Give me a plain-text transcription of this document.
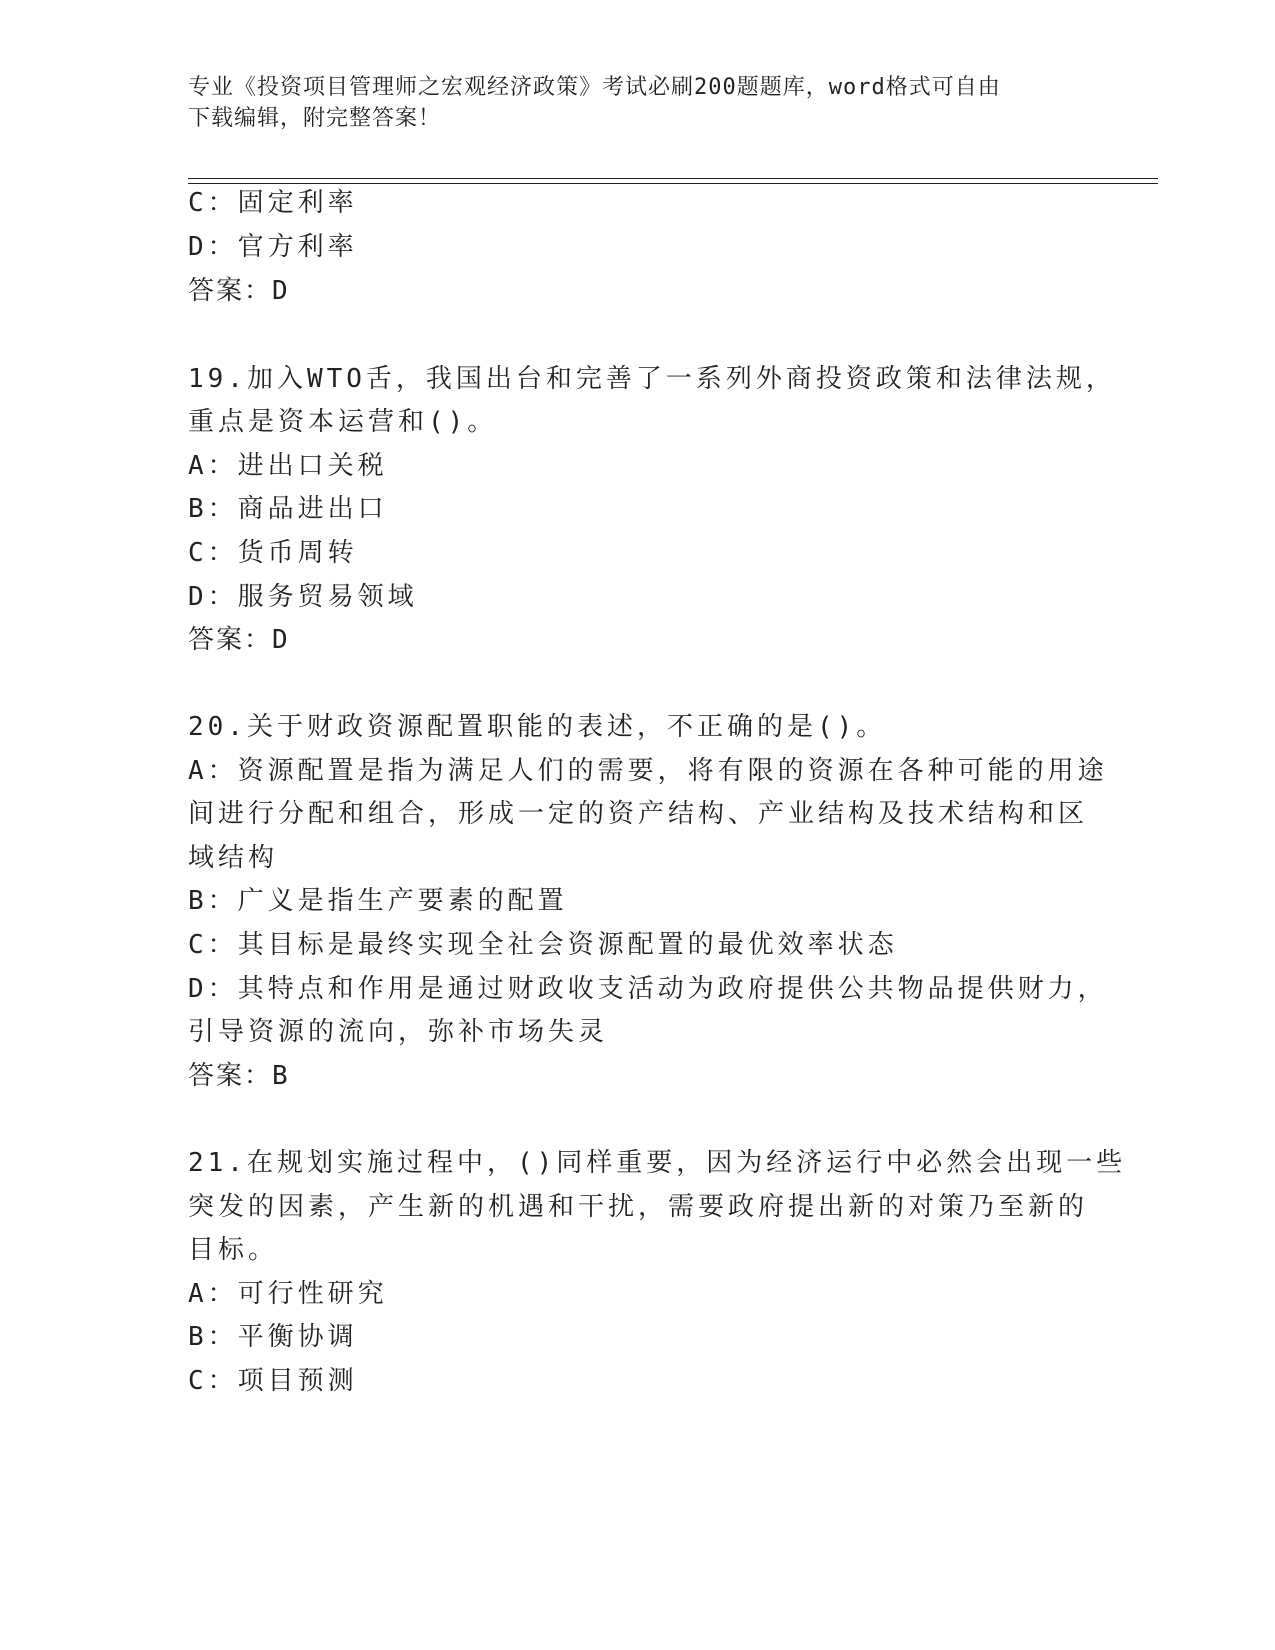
专业《投资项目管理师之宏观经济政策》考试必刷200题题库，word格式可自由
下载编辑，附完整答案！
C：固定利率
D：官方利率
答案：D
19.加入WTO舌，我国出台和完善了一系列外商投资政策和法律法规，
重点是资本运营和()。
A：进出口关税
B：商品进出口
C：货币周转
D：服务贸易领域
答案：D
20.关于财政资源配置职能的表述，不正确的是()。
A：资源配置是指为满足人们的需要，将有限的资源在各种可能的用途
间进行分配和组合，形成一定的资产结构、产业结构及技术结构和区
域结构
B：广义是指生产要素的配置
C：其目标是最终实现全社会资源配置的最优效率状态
D：其特点和作用是通过财政收支活动为政府提供公共物品提供财力，
引导资源的流向，弥补市场失灵
答案：B
21.在规划实施过程中，()同样重要，因为经济运行中必然会出现一些
突发的因素，产生新的机遇和干扰，需要政府提出新的对策乃至新的
目标。
A：可行性研究
B：平衡协调
C：项目预测
